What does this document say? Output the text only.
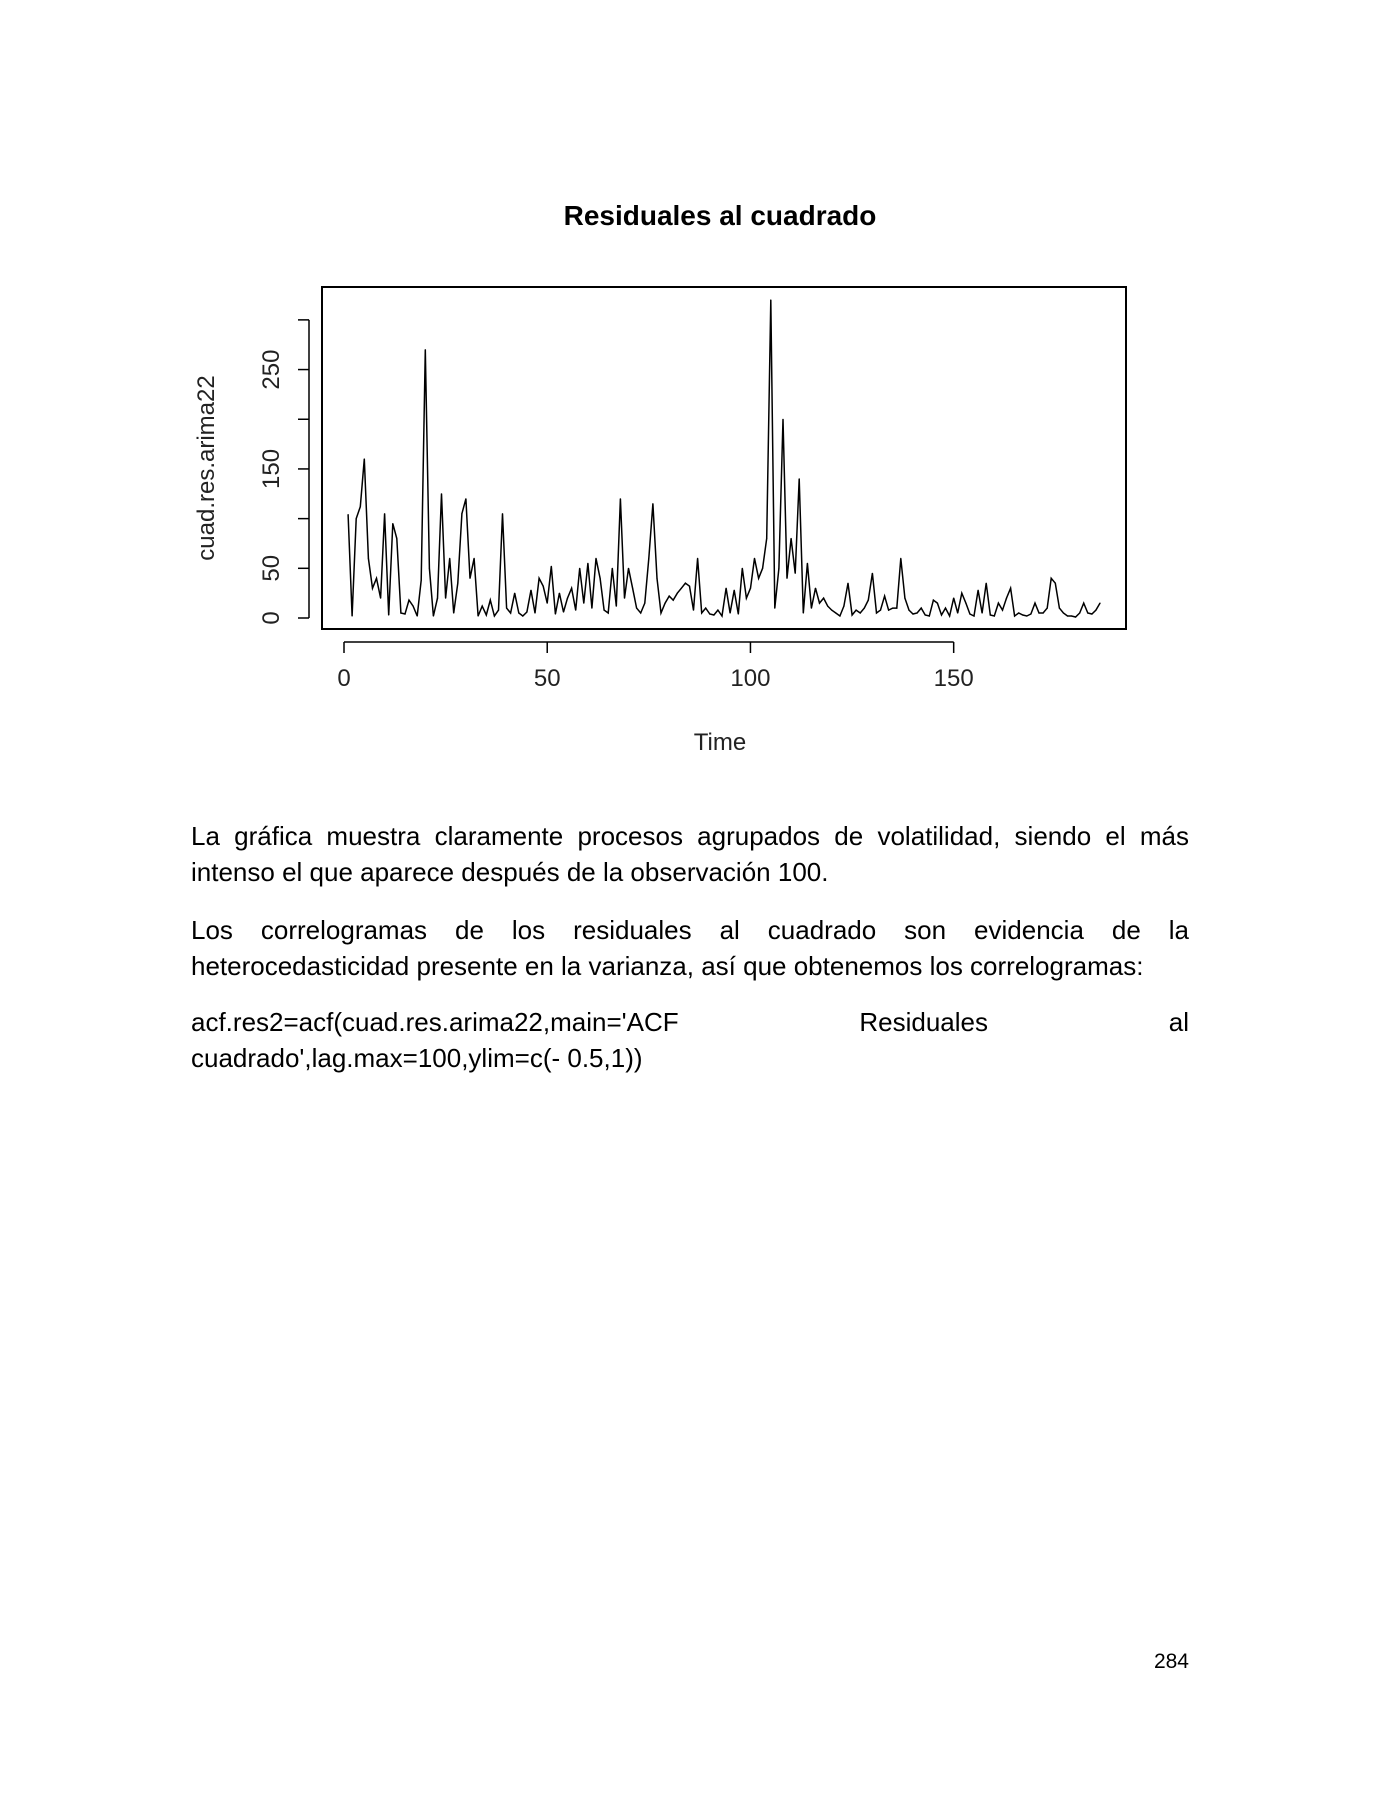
Residuales al cuadrado
0	50	100	150
0
50
150
250
Time
cuad.res.arima22

La gráfica muestra claramente procesos agrupados de volatilidad, siendo el más intenso el que aparece después de la observación 100.

Los correlogramas de los residuales al cuadrado son evidencia de la heterocedasticidad presente en la varianza, así que obtenemos los correlogramas:

acf.res2=acf(cuad.res.arima22,main='ACF Residuales al cuadrado',lag.max=100,ylim=c(- 0.5,1))

284
